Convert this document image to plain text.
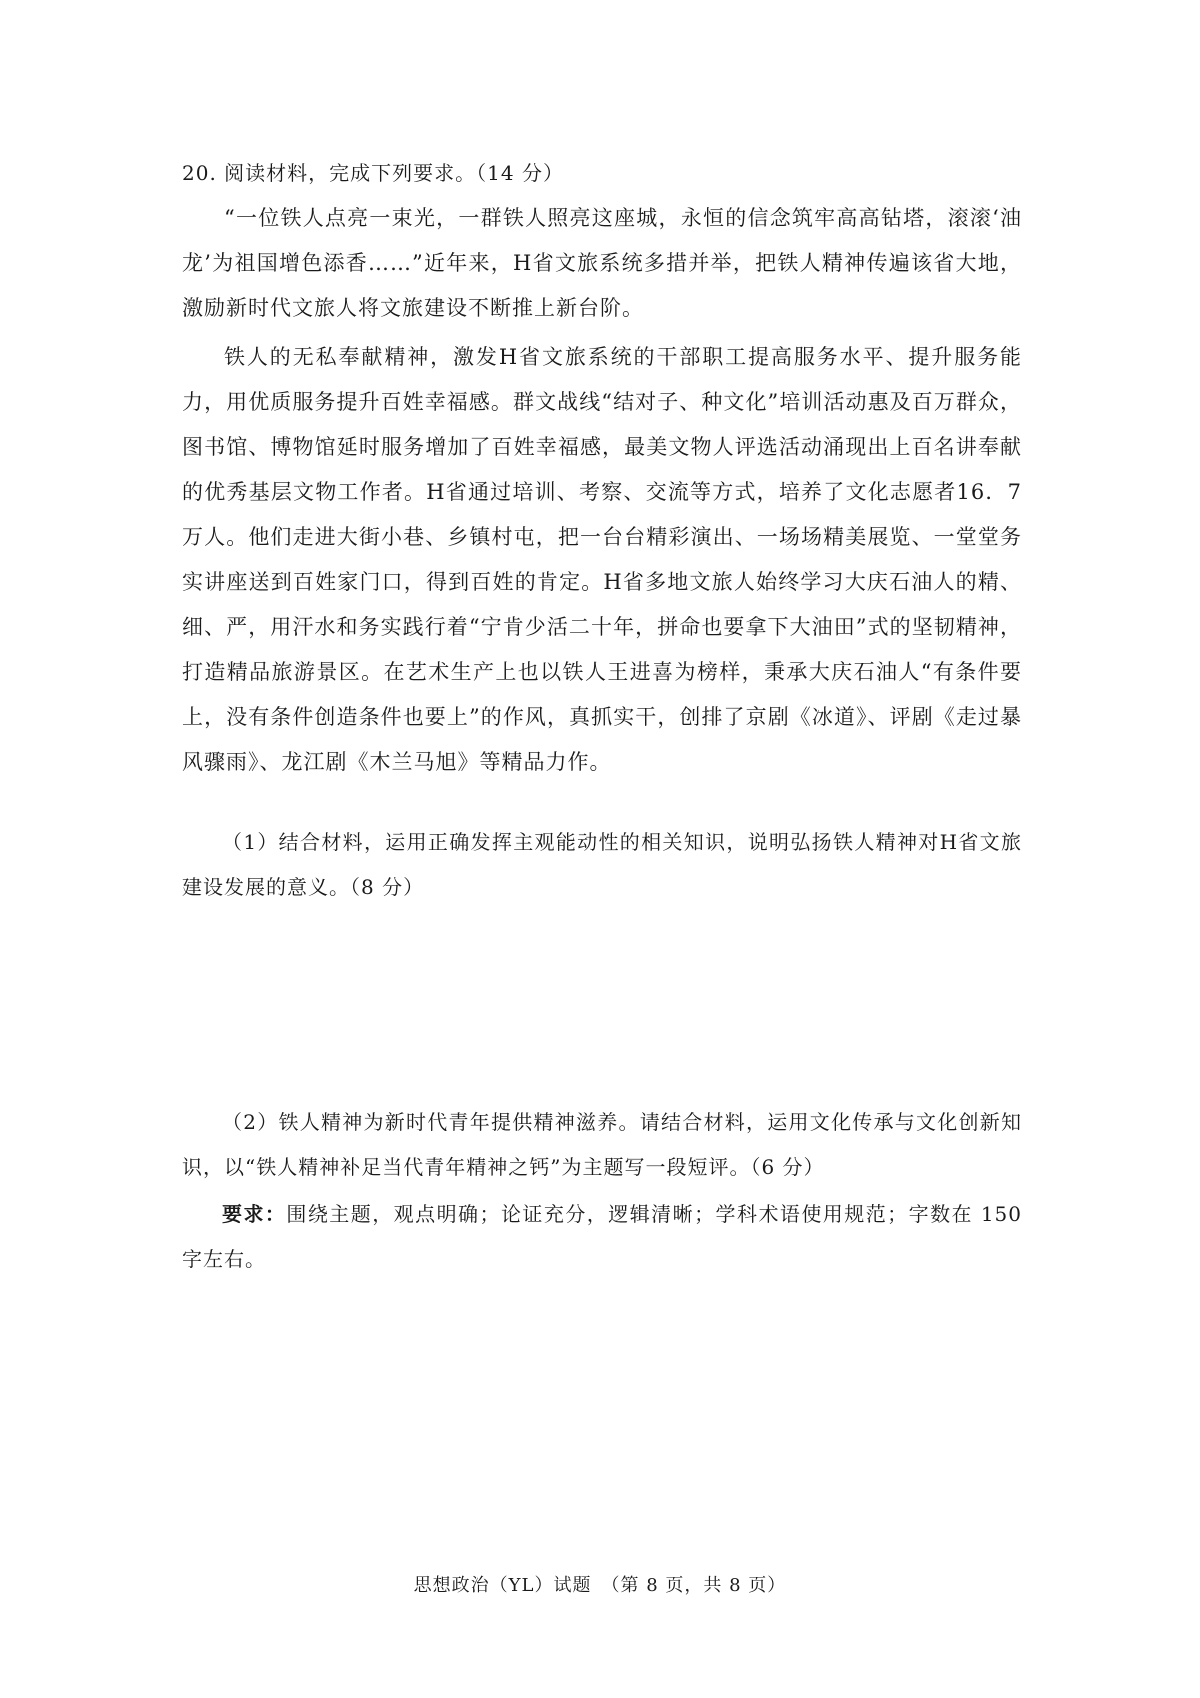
20. 阅读材料，完成下列要求。（14 分）

“一位铁人点亮一束光，一群铁人照亮这座城，永恒的信念筑牢高高钻塔，滚滚‘油龙’为祖国增色添香……”近年来，H省文旅系统多措并举，把铁人精神传遍该省大地，激励新时代文旅人将文旅建设不断推上新台阶。

铁人的无私奉献精神，激发H省文旅系统的干部职工提高服务水平、提升服务能力，用优质服务提升百姓幸福感。群文战线“结对子、种文化”培训活动惠及百万群众，图书馆、博物馆延时服务增加了百姓幸福感，最美文物人评选活动涌现出上百名讲奉献的优秀基层文物工作者。H省通过培训、考察、交流等方式，培养了文化志愿者16．7万人。他们走进大街小巷、乡镇村屯，把一台台精彩演出、一场场精美展览、一堂堂务实讲座送到百姓家门口，得到百姓的肯定。H省多地文旅人始终学习大庆石油人的精、细、严，用汗水和务实践行着“宁肯少活二十年，拼命也要拿下大油田”式的坚韧精神，打造精品旅游景区。在艺术生产上也以铁人王进喜为榜样，秉承大庆石油人“有条件要上，没有条件创造条件也要上”的作风，真抓实干，创排了京剧《冰道》、评剧《走过暴风骤雨》、龙江剧《木兰马旭》等精品力作。

（1）结合材料，运用正确发挥主观能动性的相关知识，说明弘扬铁人精神对H省文旅建设发展的意义。（8 分）

（2）铁人精神为新时代青年提供精神滋养。请结合材料，运用文化传承与文化创新知识，以“铁人精神补足当代青年精神之钙”为主题写一段短评。（6 分）

要求：围绕主题，观点明确；论证充分，逻辑清晰；学科术语使用规范；字数在 150 字左右。

思想政治（YL）试题　（第 8 页，共 8 页）
